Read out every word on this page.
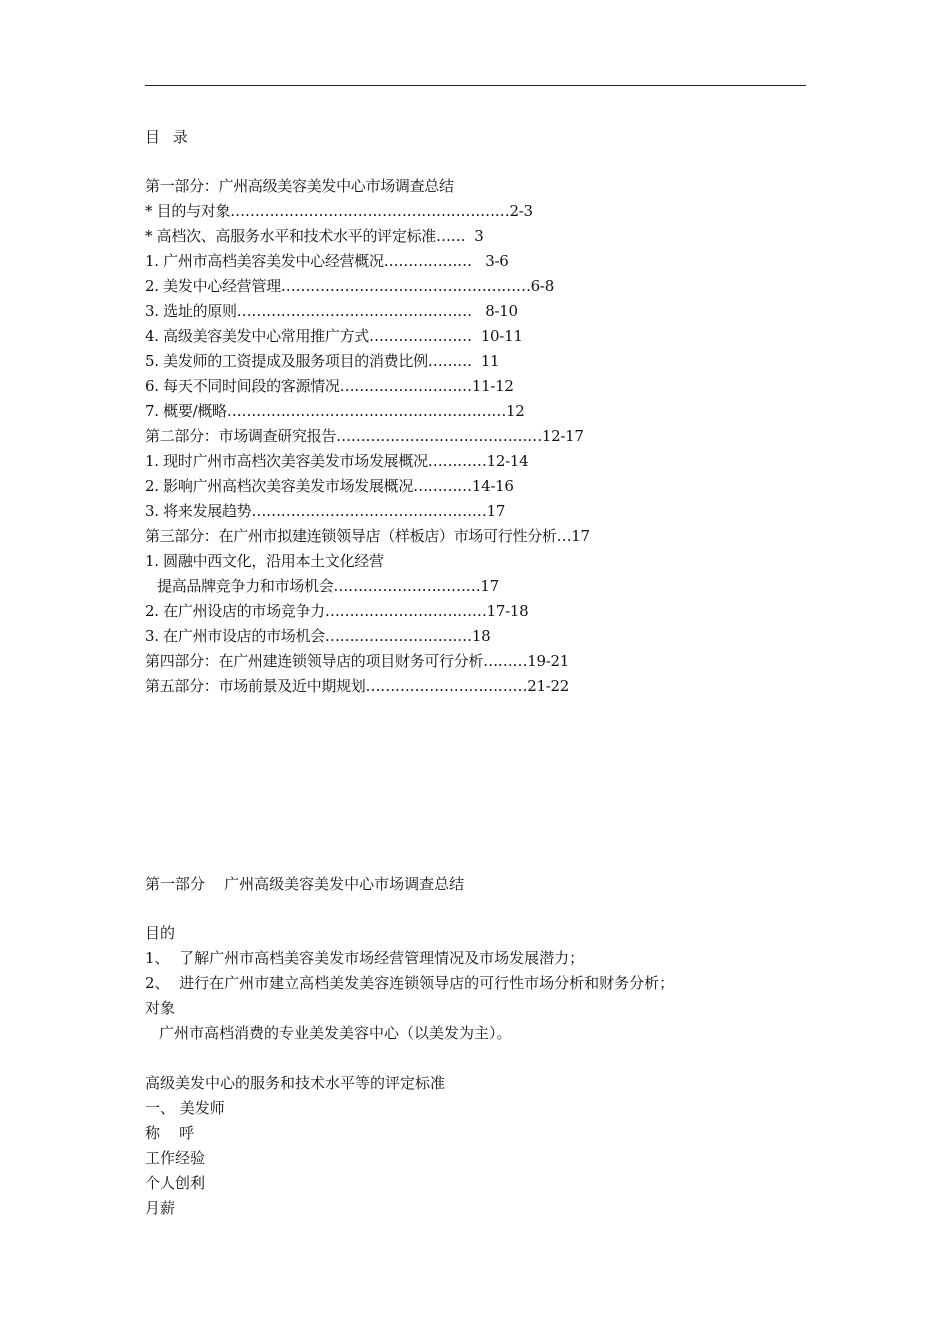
目 录
第一部分：广州高级美容美发中心市场调查总结
* 目的与对象…………………………………………………2-3
* 高档次、高服务水平和技术水平的评定标准……  3
1. 广州市高档美容美发中心经营概况………………   3-6
2. 美发中心经营管理……………………………………………6-8
3. 选址的原则…………………………………………   8-10
4. 高级美容美发中心常用推广方式…………………  10-11
5. 美发师的工资提成及服务项目的消费比例………  11
6. 每天不同时间段的客源情况………………………11-12
7. 概要/概略…………………………………………………12
第二部分：市场调查研究报告……………………………………12-17
1. 现时广州市高档次美容美发市场发展概况…………12-14
2. 影响广州高档次美容美发市场发展概况…………14-16
3. 将来发展趋势…………………………………………17
第三部分：在广州市拟建连锁领导店（样板店）市场可行性分析…17
1. 圆融中西文化，沿用本土文化经营
提高品牌竞争力和市场机会…………………………17
2. 在广州设店的市场竞争力……………………………17-18
3. 在广州市设店的市场机会…………………………18
第四部分：在广州建连锁领导店的项目财务可行分析………19-21
第五部分：市场前景及近中期规划……………………………21-22
第一部分    广州高级美容美发中心市场调查总结
目的
1、  了解广州市高档美容美发市场经营管理情况及市场发展潜力；
2、  进行在广州市建立高档美发美容连锁领导店的可行性市场分析和财务分析；
对象
广州市高档消费的专业美发美容中心（以美发为主）。
高级美发中心的服务和技术水平等的评定标准
一、 美发师
称    呼
工作经验
个人创利
月薪
